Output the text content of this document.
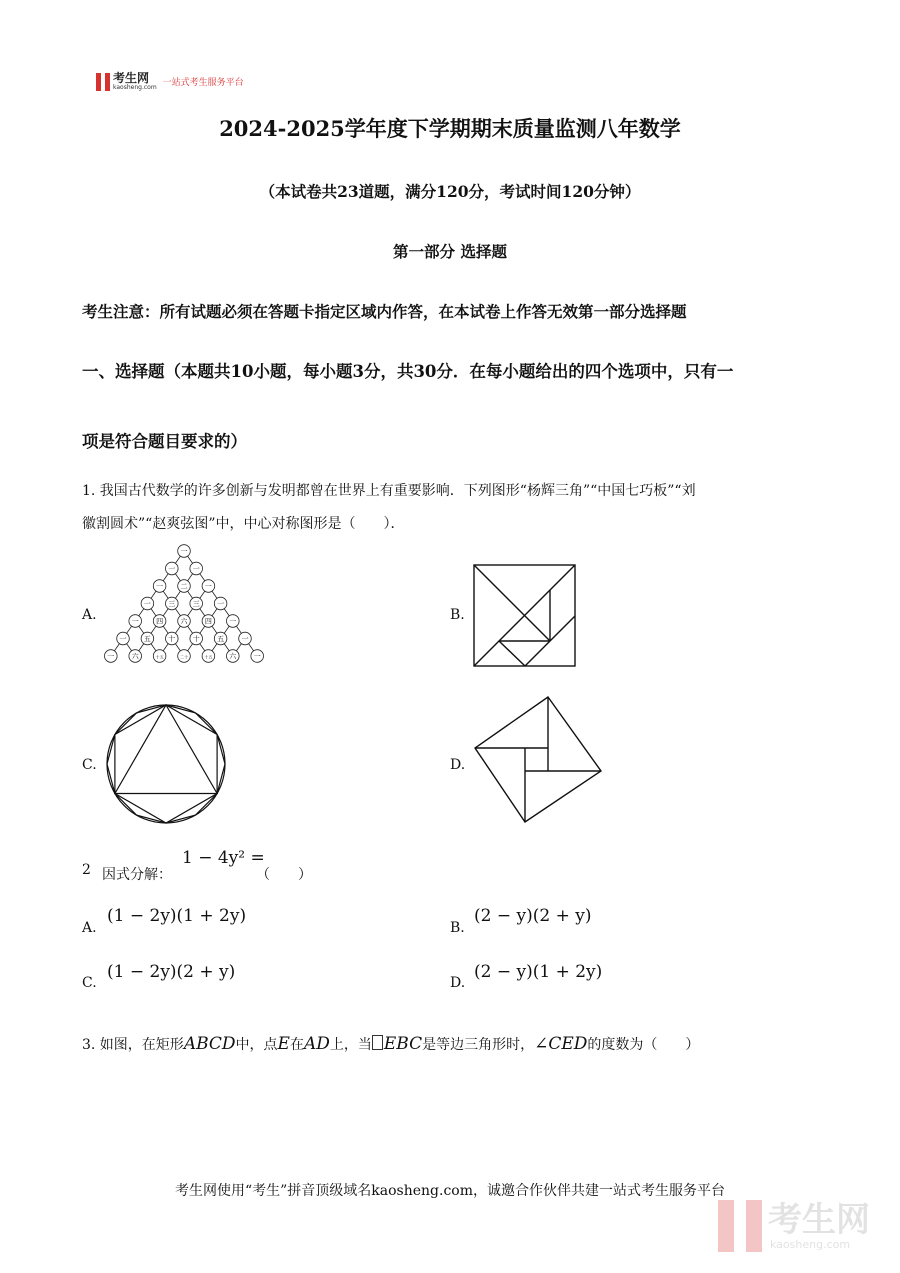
考生网
kaosheng.com 一站式考生服务平台
2024-2025学年度下学期期末质量监测八年数学
（本试卷共23道题，满分120分，考试时间120分钟）
第一部分 选择题
考生注意：所有试题必须在答题卡指定区域内作答，在本试卷上作答无效第一部分选择题
一、选择题（本题共10小题，每小题3分，共30分．在每小题给出的四个选项中，只有一
项是符合题目要求的）
1. 我国古代数学的许多创新与发明都曾在世界上有重要影响．下列图形“杨辉三角”“中国七巧板”“刘
徽割圆术”“赵爽弦图”中，中心对称图形是（　　）．
A.	B.
C.	D.
一
一 一
一 二 一
一 三 三 一
一 四 六 四 一
一 五 十 十 五 一
一 六	十五	二十	十五 六 一
2 因式分解：
1 − 4y² =
（　　）
A.
(1 − 2y)(1 + 2y)
B.
(2 − y)(2 + y)
C.
(1 − 2y)(2 + y)
D.
(2 − y)(1 + 2y)
3. 如图，在矩形ABCD中，点E在AD上，当 EBC是等边三角形时，∠CED的度数为（　　）
考生网使用“考生”拼音顶级域名kaosheng.com，诚邀合作伙伴共建一站式考生服务平台
考生网
kaosheng.com
